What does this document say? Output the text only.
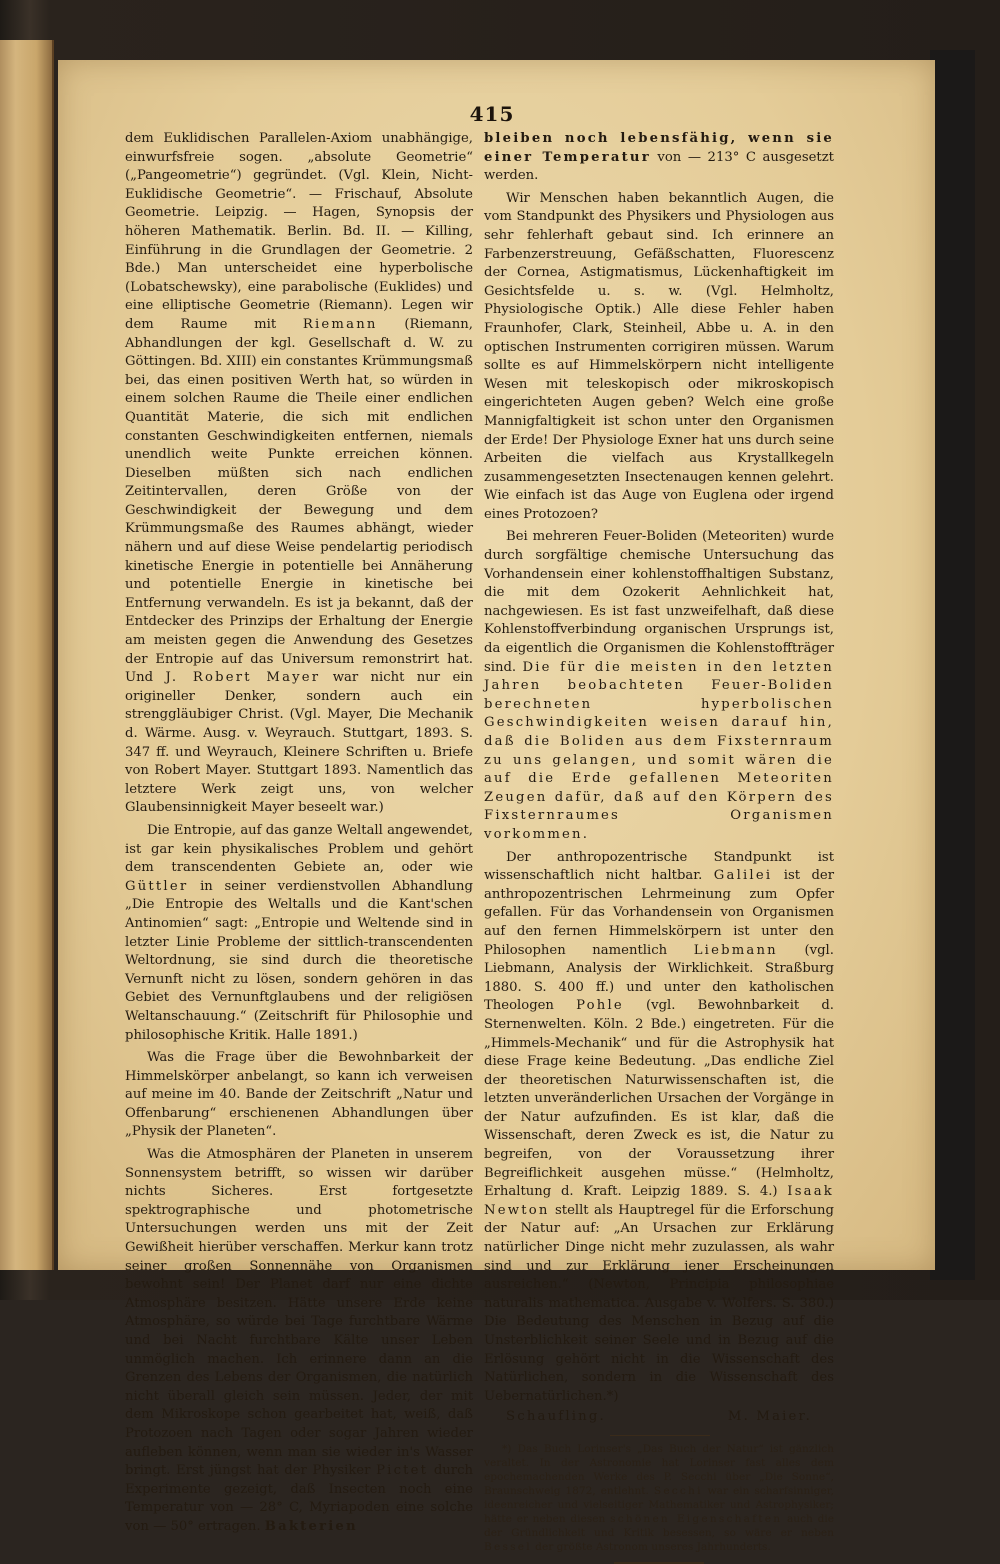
415

dem Euklidischen Parallelen-Axiom unabhängige, einwurfsfreie sogen. „absolute Geometrie“ („Pangeometrie“) gegründet. (Vgl. Klein, Nicht-Euklidische Geometrie“. — Frischauf, Absolute Geometrie. Leipzig. — Hagen, Synopsis der höheren Mathematik. Berlin. Bd. II. — Killing, Einführung in die Grundlagen der Geometrie. 2 Bde.) Man unterscheidet eine hyperbolische (Lobatschewsky), eine parabolische (Euklides) und eine elliptische Geometrie (Riemann). Legen wir dem Raume mit Riemann (Riemann, Abhandlungen der kgl. Gesellschaft d. W. zu Göttingen. Bd. XIII) ein constantes Krümmungsmaß bei, das einen positiven Werth hat, so würden in einem solchen Raume die Theile einer endlichen Quantität Materie, die sich mit endlichen constanten Geschwindigkeiten entfernen, niemals unendlich weite Punkte erreichen können. Dieselben müßten sich nach endlichen Zeitintervallen, deren Größe von der Geschwindigkeit der Bewegung und dem Krümmungsmaße des Raumes abhängt, wieder nähern und auf diese Weise pendelartig periodisch kinetische Energie in potentielle bei Annäherung und potentielle Energie in kinetische bei Entfernung verwandeln. Es ist ja bekannt, daß der Entdecker des Prinzips der Erhaltung der Energie am meisten gegen die Anwendung des Gesetzes der Entropie auf das Universum remonstrirt hat. Und J. Robert Mayer war nicht nur ein origineller Denker, sondern auch ein strenggläubiger Christ. (Vgl. Mayer, Die Mechanik d. Wärme. Ausg. v. Weyrauch. Stuttgart, 1893. S. 347 ff. und Weyrauch, Kleinere Schriften u. Briefe von Robert Mayer. Stuttgart 1893. Namentlich das letztere Werk zeigt uns, von welcher Glaubensinnigkeit Mayer beseelt war.)

Die Entropie, auf das ganze Weltall angewendet, ist gar kein physikalisches Problem und gehört dem transcendenten Gebiete an, oder wie Güttler in seiner verdienstvollen Abhandlung „Die Entropie des Weltalls und die Kant'schen Antinomien“ sagt: „Entropie und Weltende sind in letzter Linie Probleme der sittlich-transcendenten Weltordnung, sie sind durch die theoretische Vernunft nicht zu lösen, sondern gehören in das Gebiet des Vernunftglaubens und der religiösen Weltanschauung.“ (Zeitschrift für Philosophie und philosophische Kritik. Halle 1891.)

Was die Frage über die Bewohnbarkeit der Himmelskörper anbelangt, so kann ich verweisen auf meine im 40. Bande der Zeitschrift „Natur und Offenbarung“ erschienenen Abhandlungen über „Physik der Planeten“.

Was die Atmosphären der Planeten in unserem Sonnensystem betrifft, so wissen wir darüber nichts Sicheres. Erst fortgesetzte spektrographische und photometrische Untersuchungen werden uns mit der Zeit Gewißheit hierüber verschaffen. Merkur kann trotz seiner großen Sonnennähe von Organismen bewohnt sein! Der Planet darf nur eine dichte Atmosphäre besitzen. Hätte unsere Erde keine Atmosphäre, so würde bei Tage furchtbare Wärme und bei Nacht furchtbare Kälte unser Leben unmöglich machen. Ich erinnere dann an die Grenzen des Lebens der Organismen, die natürlich nicht überall gleich sein müssen. Jeder, der mit dem Mikroskope schon gearbeitet hat, weiß, daß Protozoen nach Tagen oder sogar Jahren wieder aufleben können, wenn man sie wieder in's Wasser bringt. Erst jüngst hat der Physiker Pictet durch Experimente gezeigt, daß Insecten noch eine Temperatur von — 28° C, Myriapoden eine solche von — 50° ertragen. Bakterien

bleiben noch lebensfähig, wenn sie einer Temperatur von — 213° C ausgesetzt werden.

Wir Menschen haben bekanntlich Augen, die vom Standpunkt des Physikers und Physiologen aus sehr fehlerhaft gebaut sind. Ich erinnere an Farbenzerstreuung, Gefäßschatten, Fluorescenz der Cornea, Astigmatismus, Lückenhaftigkeit im Gesichtsfelde u. s. w. (Vgl. Helmholtz, Physiologische Optik.) Alle diese Fehler haben Fraunhofer, Clark, Steinheil, Abbe u. A. in den optischen Instrumenten corrigiren müssen. Warum sollte es auf Himmelskörpern nicht intelligente Wesen mit teleskopisch oder mikroskopisch eingerichteten Augen geben? Welch eine große Mannigfaltigkeit ist schon unter den Organismen der Erde! Der Physiologe Exner hat uns durch seine Arbeiten die vielfach aus Krystallkegeln zusammengesetzten Insectenaugen kennen gelehrt. Wie einfach ist das Auge von Euglena oder irgend eines Protozoen?

Bei mehreren Feuer-Boliden (Meteoriten) wurde durch sorgfältige chemische Untersuchung das Vorhandensein einer kohlenstoffhaltigen Substanz, die mit dem Ozokerit Aehnlichkeit hat, nachgewiesen. Es ist fast unzweifelhaft, daß diese Kohlenstoffverbindung organischen Ursprungs ist, da eigentlich die Organismen die Kohlenstoffträger sind. Die für die meisten in den letzten Jahren beobachteten Feuer-Boliden berechneten hyperbolischen Geschwindigkeiten weisen darauf hin, daß die Boliden aus dem Fixsternraum zu uns gelangen, und somit wären die auf die Erde gefallenen Meteoriten Zeugen dafür, daß auf den Körpern des Fixsternraumes Organismen vorkommen.

Der anthropozentrische Standpunkt ist wissenschaftlich nicht haltbar. Galilei ist der anthropozentrischen Lehrmeinung zum Opfer gefallen. Für das Vorhandensein von Organismen auf den fernen Himmelskörpern ist unter den Philosophen namentlich Liebmann (vgl. Liebmann, Analysis der Wirklichkeit. Straßburg 1880. S. 400 ff.) und unter den katholischen Theologen Pohle (vgl. Bewohnbarkeit d. Sternenwelten. Köln. 2 Bde.) eingetreten. Für die „Himmels-Mechanik“ und für die Astrophysik hat diese Frage keine Bedeutung. „Das endliche Ziel der theoretischen Naturwissenschaften ist, die letzten unveränderlichen Ursachen der Vorgänge in der Natur aufzufinden. Es ist klar, daß die Wissenschaft, deren Zweck es ist, die Natur zu begreifen, von der Voraussetzung ihrer Begreiflichkeit ausgehen müsse.“ (Helmholtz, Erhaltung d. Kraft. Leipzig 1889. S. 4.) Isaak Newton stellt als Hauptregel für die Erforschung der Natur auf: „An Ursachen zur Erklärung natürlicher Dinge nicht mehr zuzulassen, als wahr sind und zur Erklärung jener Erscheinungen ausreichen.“ (Newton, Principia philosophiae naturalis mathematica. Ausgabe v. Wolfers. S. 380.) Die Bedeutung des Menschen in Bezug auf die Unsterblichkeit seiner Seele und in Bezug auf die Erlösung gehört nicht in die Wissenschaft des Natürlichen, sondern in die Wissenschaft des Uebernatürlichen.*)

Schaufling.	M. Maier.

*) Das Buch Lorinser's „Das Buch der Natur“ ist gänzlich veraltet. In der Astronomie hat Lorinser fast alles dem epochemachenden Werke des P. Secchi über „Die Sonne“, Braunschweig 1872, entlehnt. Secchi war ein scharfsinniger, ideenreicher und vielseitiger Mathematiker und Astrophysiker; hätte er neben diesen schönen Eigenschaften auch die der Gründlichkeit und Kritik besessen, so wäre er neben Bessel der größte Astronom unseres Jahrhunderts.
